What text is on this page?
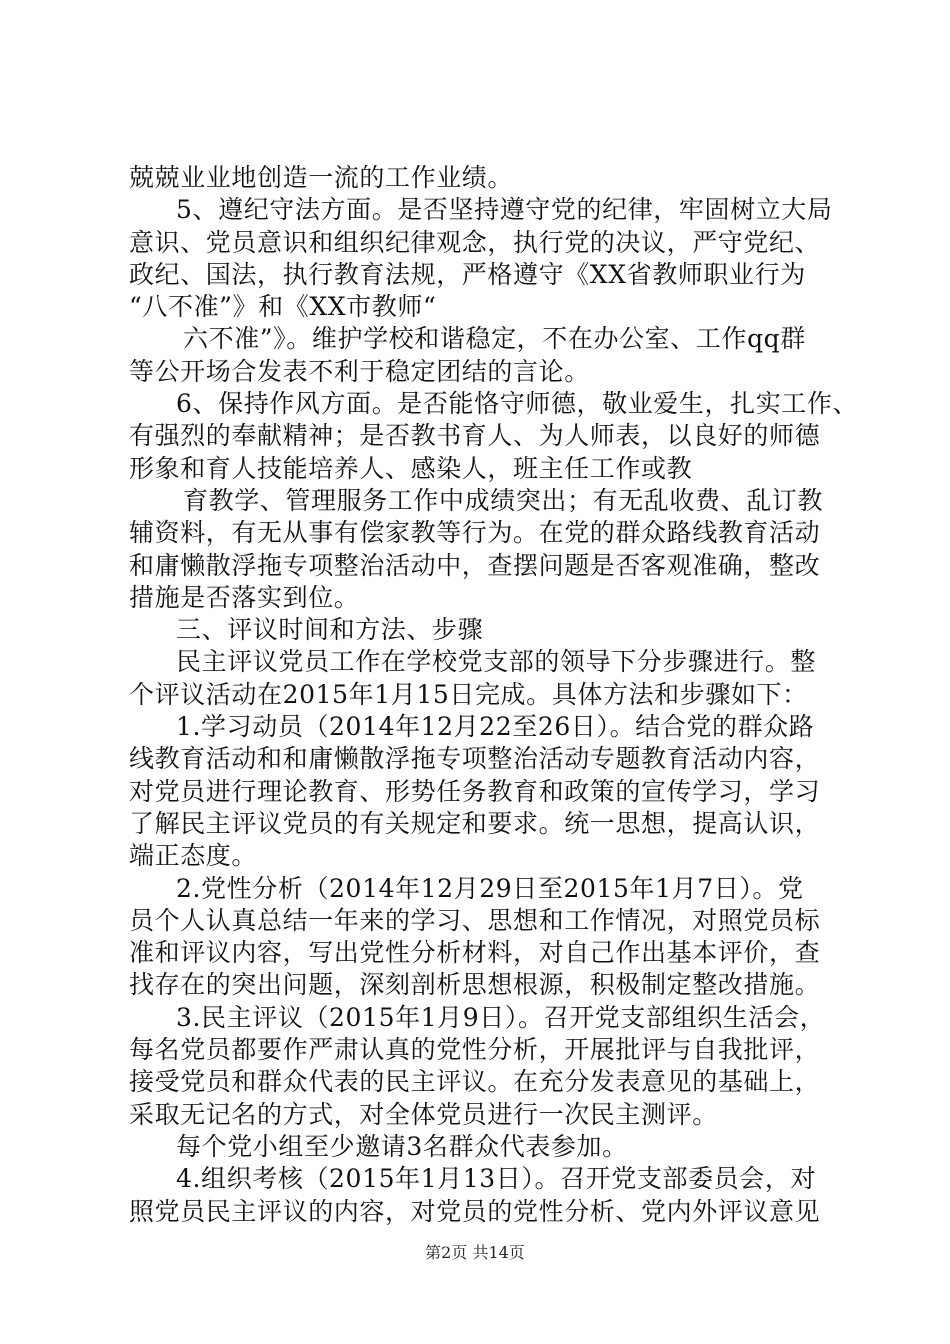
兢兢业业地创造一流的工作业绩。
5、遵纪守法方面。是否坚持遵守党的纪律，牢固树立大局
意识、党员意识和组织纪律观念，执行党的决议，严守党纪、
政纪、国法，执行教育法规，严格遵守《XX省教师职业行为
“八不准”》和《XX市教师“
六不准”》。维护学校和谐稳定，不在办公室、工作qq群
等公开场合发表不利于稳定团结的言论。
6、保持作风方面。是否能恪守师德，敬业爱生，扎实工作、
有强烈的奉献精神；是否教书育人、为人师表，以良好的师德
形象和育人技能培养人、感染人，班主任工作或教
育教学、管理服务工作中成绩突出；有无乱收费、乱订教
辅资料，有无从事有偿家教等行为。在党的群众路线教育活动
和庸懒散浮拖专项整治活动中，查摆问题是否客观准确，整改
措施是否落实到位。
三、评议时间和方法、步骤
民主评议党员工作在学校党支部的领导下分步骤进行。整
个评议活动在2015年1月15日完成。具体方法和步骤如下：
1.学习动员（2014年12月22至26日）。结合党的群众路
线教育活动和和庸懒散浮拖专项整治活动专题教育活动内容，
对党员进行理论教育、形势任务教育和政策的宣传学习，学习
了解民主评议党员的有关规定和要求。统一思想，提高认识，
端正态度。
2.党性分析（2014年12月29日至2015年1月7日）。党
员个人认真总结一年来的学习、思想和工作情况，对照党员标
准和评议内容，写出党性分析材料，对自己作出基本评价，查
找存在的突出问题，深刻剖析思想根源，积极制定整改措施。
3.民主评议（2015年1月9日）。召开党支部组织生活会，
每名党员都要作严肃认真的党性分析，开展批评与自我批评，
接受党员和群众代表的民主评议。在充分发表意见的基础上，
采取无记名的方式，对全体党员进行一次民主测评。
每个党小组至少邀请3名群众代表参加。
4.组织考核（2015年1月13日）。召开党支部委员会，对
照党员民主评议的内容，对党员的党性分析、党内外评议意见
第2页 共14页
